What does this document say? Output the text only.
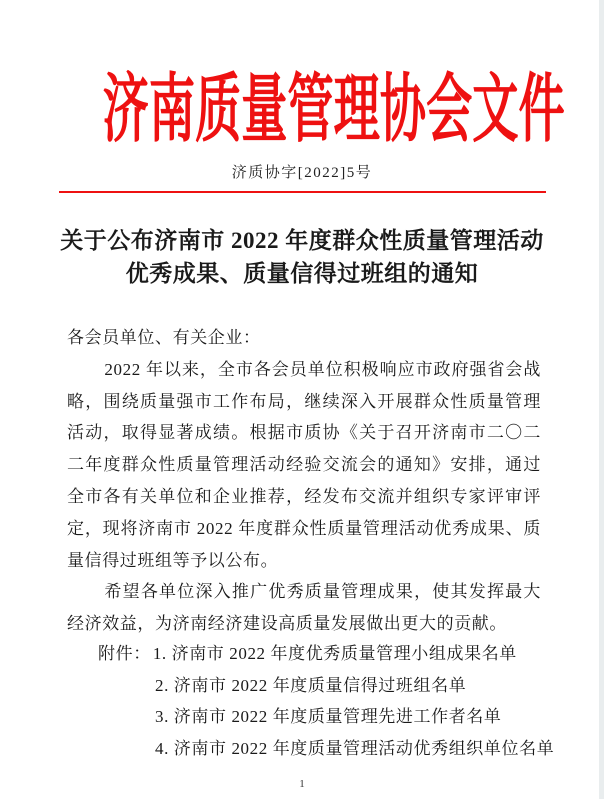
济南质量管理协会文件
济质协字[2022]5号
关于公布济南市 2022 年度群众性质量管理活动
优秀成果、质量信得过班组的通知

各会员单位、有关企业：

2022 年以来，全市各会员单位积极响应市政府强省会战略，围绕质量强市工作布局，继续深入开展群众性质量管理活动，取得显著成绩。根据市质协《关于召开济南市二〇二二年度群众性质量管理活动经验交流会的通知》安排，通过全市各有关单位和企业推荐，经发布交流并组织专家评审评定，现将济南市 2022 年度群众性质量管理活动优秀成果、质量信得过班组等予以公布。

希望各单位深入推广优秀质量管理成果，使其发挥最大经济效益，为济南经济建设高质量发展做出更大的贡献。

附件： 1. 济南市 2022 年度优秀质量管理小组成果名单
2. 济南市 2022 年度质量信得过班组名单
3. 济南市 2022 年度质量管理先进工作者名单
4. 济南市 2022 年度质量管理活动优秀组织单位名单
1
